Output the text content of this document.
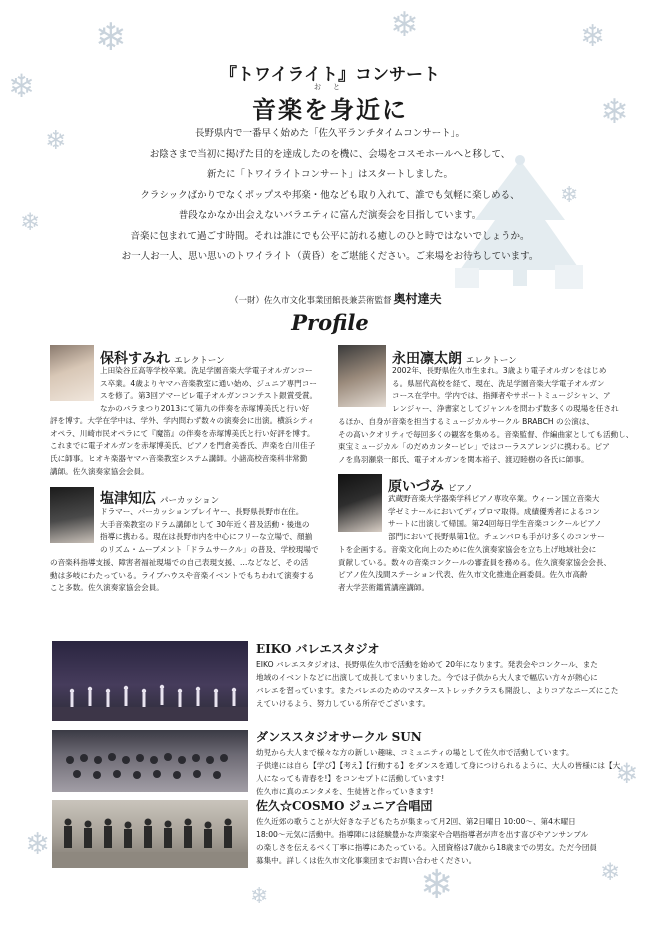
❄	❄	❄
❄
❄
❄
❄
❄
❄
❄
❄
❄
❄
『トワイライト』コンサート
おと
音楽を身近に

長野県内で一番早く始めた「佐久平ランチタイムコンサート」。

お陰さまで当初に掲げた目的を達成したのを機に、会場をコスモホールへと移して、

新たに「トワイライトコンサート」はスタートしました。

クラシックばかりでなくポップスや邦楽・他なども取り入れて、誰でも気軽に楽しめる、

普段なかなか出会えないバラエティに富んだ演奏会を目指しています。

音楽に包まれて過ごす時間。それは誰にでも公平に訪れる癒しのひと時ではないでしょうか。

お一人お一人、思い思いのトワイライト（黄昏）をご堪能ください。ご来場をお待ちしています。

（一財）佐久市文化事業団館長兼芸術監督 奥村達夫
Profile
保科すみれ エレクトーン

上田染谷丘高等学校卒業。洗足学園音楽大学電子オルガンコー

ス卒業。4歳よりヤマハ音楽教室に通い始め、ジュニア専門コー

スを修了。第3回アマービレ電子オルガンコンテスト銀賞受賞。

なかのバラまつり2013にて第九の伴奏を赤塚博美氏と行い好

評を博す。大学在学中は、学外、学内問わず数々の演奏会に出演。横浜シティ

オペラ、川崎市民オペラにて『魔笛』の伴奏を赤塚博美氏と行い好評を博す。

これまでに電子オルガンを赤塚博美氏、ピアノを門倉美香氏、声楽を白川佳子

氏に師事。ヒオキ楽器ヤマハ音楽教室システム講師。小諸高校音楽科非常勤

講師。佐久演奏家協会会員。

永田凛太朗 エレクトーン

2002年、長野県佐久市生まれ。3歳より電子オルガンをはじめ

る。県屈代高校を経て、現在、洗足学園音楽大学電子オルガン

コース在学中。学内では、指揮者やサポートミュージシャン、ア

レンジャー、浄書家としてジャンルを問わず数多くの現場を任され

るほか、自身が音楽を担当するミュージカルサークル BRABCH の公演は、

その高いクオリティで毎回多くの観客を集める。音楽監督、作編曲家としても活動し、

東宝ミュージカル「のだめカンタービレ」ではコーラスアレンジに携わる。ピア

ノを鳥羽瀬泉一郎氏、電子オルガンを関本裕子、渡辺睦樹の各氏に師事。

塩津知広 パーカッション

ドラマー、パーカッションプレイヤー、長野県長野市在住。

大手音楽教室のドラム講師として 30年近く普及活動・後進の

指導に携わる。現在は長野市内を中心にフリーな立場で、顔揃

のリズム・ムーブメント「ドラムサークル」の普及、学校現場で

の音楽科指導支援、障害者福祉現場での自己表現支援、…などなど、その活

動は多岐にわたっている。ライブハウスや音楽イベントでもちわれて演奏する

こと多数。佐久演奏家協会会員。

原いづみ ピアノ

武蔵野音楽大学器楽学科ピアノ専攻卒業。ウィーン国立音楽大

学ゼミナールにおいてディプロマ取得。成績優秀者によるコン

サートに出演して帰国。第24回毎日学生音楽コンクールピアノ

部門において長野県第1位。チェンバロも手がけ多くのコンサー

トを企画する。音楽文化向上のために佐久演奏家協会を立ち上げ地域社会に

貢献している。数々の音楽コンクールの審査員を務める。佐久演奏家協会会長、

ピアノ佐久浅間ステーション代表、佐久市文化推進企画委員。佐久市高齢

者大学芸術鑑賞講座講師。

EIKO バレエスタジオ

EIKO バレエスタジオは、長野県佐久市で活動を始めて 20年になります。発表会やコンクール、また

地域のイベントなどに出演して成長してまいりました。今では子供から大人まで幅広い方々が熱心に

バレエを習っています。またバレエのためのマスターストレッチクラスも開設し、よりコアなニーズにこた

えていけるよう、努力している所存でございます。

ダンススタジオサークル SUN

幼児から大人まで様々な方の新しい趣味、コミュニティの場として佐久市で活動しています。

子供達には自ら【学び】【考え】【行動する】をダンスを通して身につけられるように、大人の皆様には【大

人になっても青春を!】をコンセプトに活動しています!

佐久市に真のエンタメを、生徒皆と作っていきます!

佐久☆COSMO ジュニア合唱団

佐久近郊の歌うことが大好きな子どもたちが集まって月2回、第2日曜日 10:00〜、第4木曜日

18:00〜元気に活動中。指導陣には経験豊かな声楽家や合唱指導者が声を出す喜びやアンサンブル

の楽しさを伝えるべく丁寧に指導にあたっている。入団資格は7歳から18歳までの男女。ただ今団員

募集中。詳しくは佐久市文化事業団までお問い合わせください。
